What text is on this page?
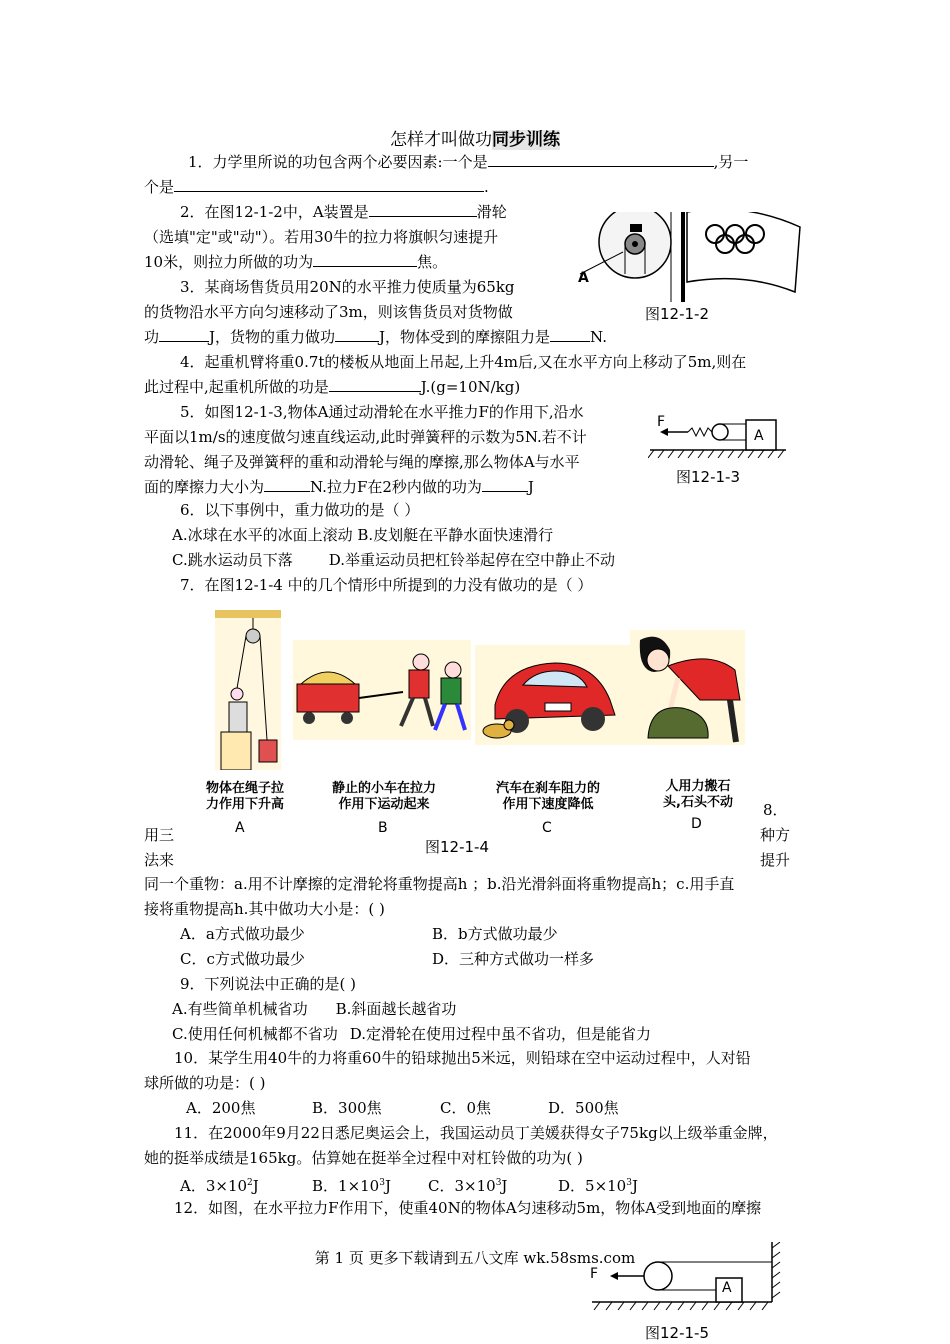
怎样才叫做功同步训练
1．力学里所说的功包含两个必要因素:一个是	,另一
个是	.
2．在图12-1-2中，A装置是	滑轮
（选填"定"或"动"）。若用30牛的拉力将旗帜匀速提升
10米，则拉力所做的功为	焦。
A
图12-1-2
3．某商场售货员用20N的水平推力使质量为65kg
的货物沿水平方向匀速移动了3m，则该售货员对货物做
功	J，货物的重力做功	J，物体受到的摩擦阻力是	N.
4．起重机臂将重0.7t的楼板从地面上吊起,上升4m后,又在水平方向上移动了5m,则在
此过程中,起重机所做的功是	J.(g=10N/kg)
5．如图12-1-3,物体A通过动滑轮在水平推力F的作用下,沿水
平面以1m/s的速度做匀速直线运动,此时弹簧秤的示数为5N.若不计
动滑轮、绳子及弹簧秤的重和动滑轮与绳的摩擦,那么物体A与水平
面的摩擦力大小为	N.拉力F在2秒内做的功为	J
F
A
图12-1-3
6．以下事例中，重力做功的是（ ）
A.冰球在水平的冰面上滚动 B.皮划艇在平静水面快速滑行
C.跳水运动员下落 D.举重运动员把杠铃举起停在空中静止不动
7．在图12-1-4 中的几个情形中所提到的力没有做功的是（ ）
物体在绳子拉
力作用下升高
静止的小车在拉力
作用下运动起来
汽车在刹车阻力的
作用下速度降低
人用力搬石
头,石头不动
A	B	C	D
图12-1-4
8．
用三	种方
法来	提升
同一个重物：a.用不计摩擦的定滑轮将重物提高h ；b.沿光滑斜面将重物提高h；c.用手直
接将重物提高h.其中做功大小是：( )
A．a方式做功最少	B．b方式做功最少
C．c方式做功最少	D．三种方式做功一样多
9．下列说法中正确的是( )
A.有些简单机械省功 B.斜面越长越省功
C.使用任何机械都不省功 D.定滑轮在使用过程中虽不省功，但是能省力
10．某学生用40牛的力将重60牛的铅球抛出5米远，则铅球在空中运动过程中，人对铅
球所做的功是：( )
A．200焦	B．300焦	C．0焦	D．500焦
11．在2000年9月22日悉尼奥运会上，我国运动员丁美媛获得女子75kg以上级举重金牌，
她的挺举成绩是165kg。估算她在挺举全过程中对杠铃做的功为( )
A．$3\times 10^2J$	B．$1\times 10^3J$ C．$3\times 10^3J$	D．$5\times 10^3J$
12．如图，在水平拉力F作用下，使重40N的物体A匀速移动5m，物体A受到地面的摩擦
第 1 页 更多下载请到五八文库 wk.58sms.com
F
A
图12-1-5
